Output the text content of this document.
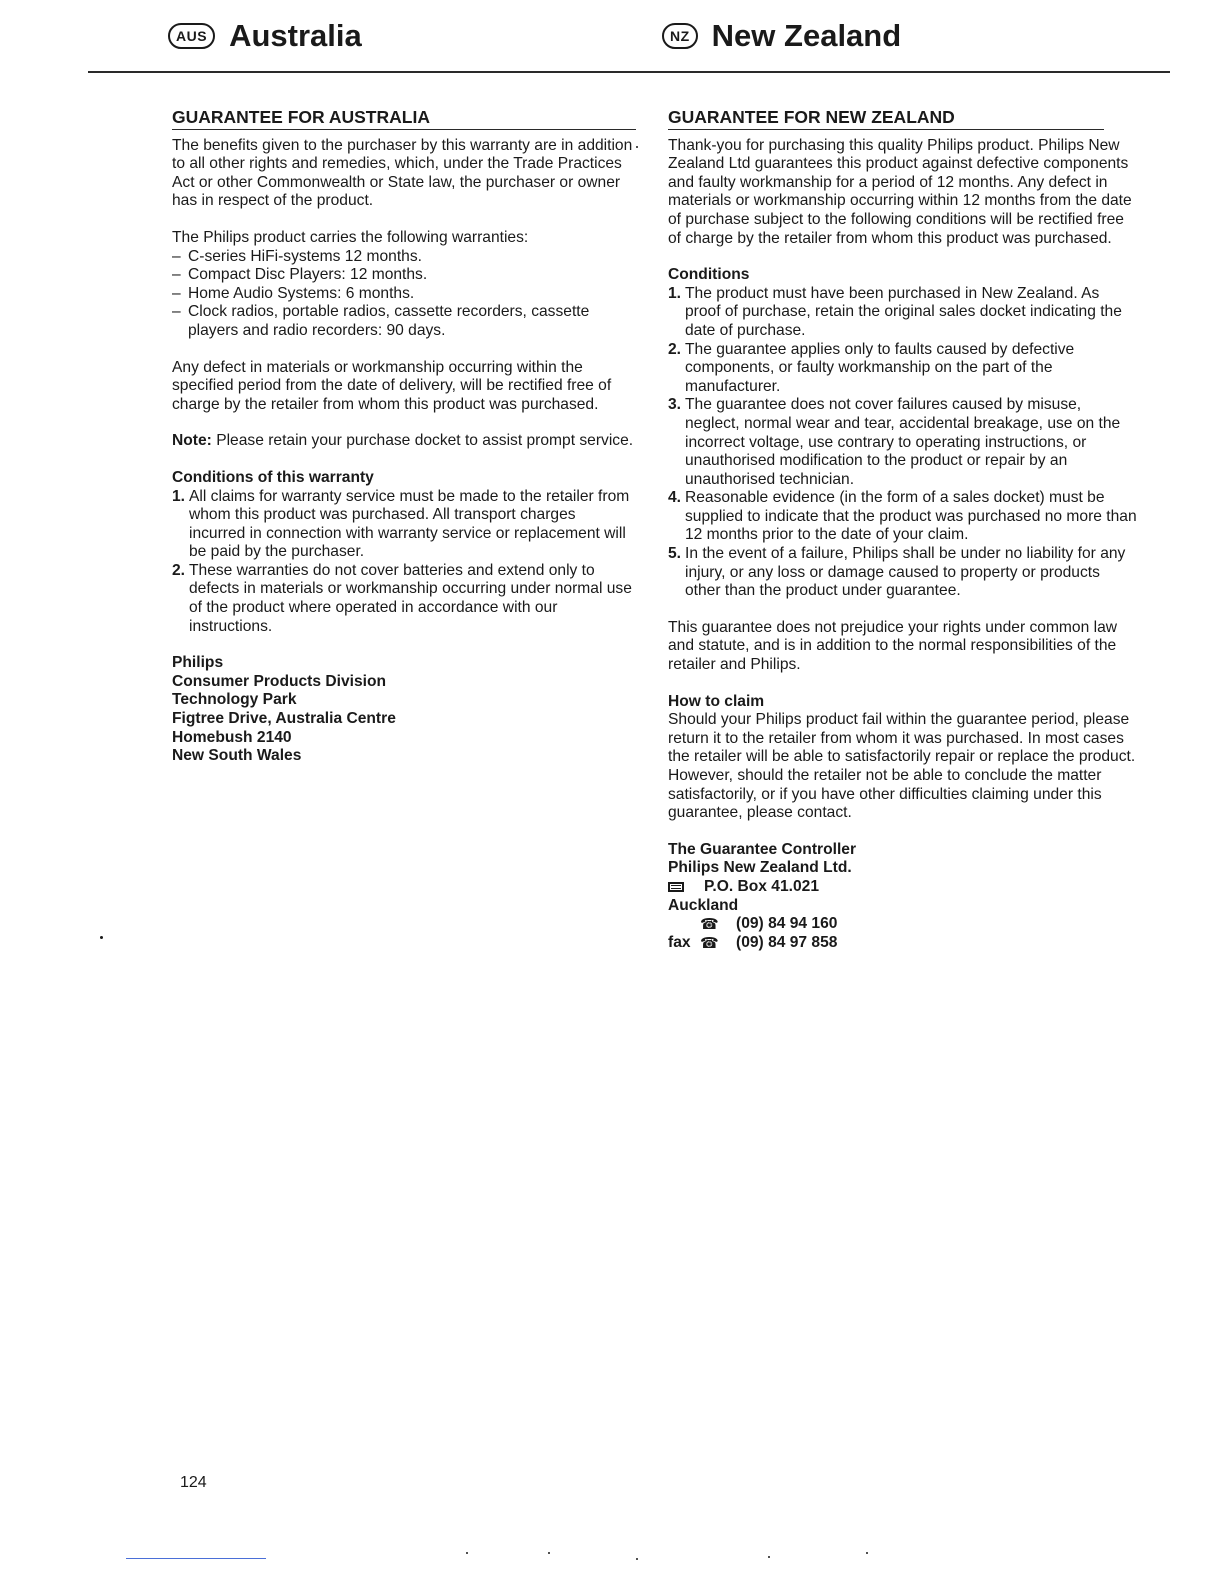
AUS Australia	NZ New Zealand
GUARANTEE FOR AUSTRALIA

The benefits given to the purchaser by this warranty are in addition to all other rights and remedies, which, under the Trade Practices Act or other Commonwealth or State law, the purchaser or owner has in respect of the product.

The Philips product carries the following warranties:

– C-series HiFi-systems 12 months.
– Compact Disc Players: 12 months.
– Home Audio Systems: 6 months.
– Clock radios, portable radios, cassette recorders, cassette players and radio recorders: 90 days.

Any defect in materials or workmanship occurring within the specified period from the date of delivery, will be rectified free of charge by the retailer from whom this product was purchased.

Note: Please retain your purchase docket to assist prompt service.

Conditions of this warranty
1. All claims for warranty service must be made to the retailer from whom this product was purchased. All transport charges incurred in connection with warranty service or replacement will be paid by the purchaser.
2. These warranties do not cover batteries and extend only to defects in materials or workmanship occurring under normal use of the product where operated in accordance with our instructions.
Philips
Consumer Products Division
Technology Park
Figtree Drive, Australia Centre
Homebush 2140
New South Wales
GUARANTEE FOR NEW ZEALAND

Thank-you for purchasing this quality Philips product. Philips New Zealand Ltd guarantees this product against defective components and faulty workmanship for a period of 12 months. Any defect in materials or workmanship occurring within 12 months from the date of purchase subject to the following conditions will be rectified free of charge by the retailer from whom this product was purchased.

Conditions
1. The product must have been purchased in New Zealand. As proof of purchase, retain the original sales docket indicating the date of purchase.
2. The guarantee applies only to faults caused by defective components, or faulty workmanship on the part of the manufacturer.
3. The guarantee does not cover failures caused by misuse, neglect, normal wear and tear, accidental breakage, use on the incorrect voltage, use contrary to operating instructions, or unauthorised modification to the product or repair by an unauthorised technician.
4. Reasonable evidence (in the form of a sales docket) must be supplied to indicate that the product was purchased no more than 12 months prior to the date of your claim.
5. In the event of a failure, Philips shall be under no liability for any injury, or any loss or damage caused to property or products other than the product under guarantee.

This guarantee does not prejudice your rights under common law and statute, and is in addition to the normal responsibilities of the retailer and Philips.

How to claim

Should your Philips product fail within the guarantee period, please return it to the retailer from whom it was purchased. In most cases the retailer will be able to satisfactorily repair or replace the product.

However, should the retailer not be able to conclude the matter satisfactorily, or if you have other difficulties claiming under this guarantee, please contact.

The Guarantee Controller
Philips New Zealand Ltd.
P.O. Box 41.021
Auckland
☎ (09) 84 94 160
fax ☎ (09) 84 97 858
124
